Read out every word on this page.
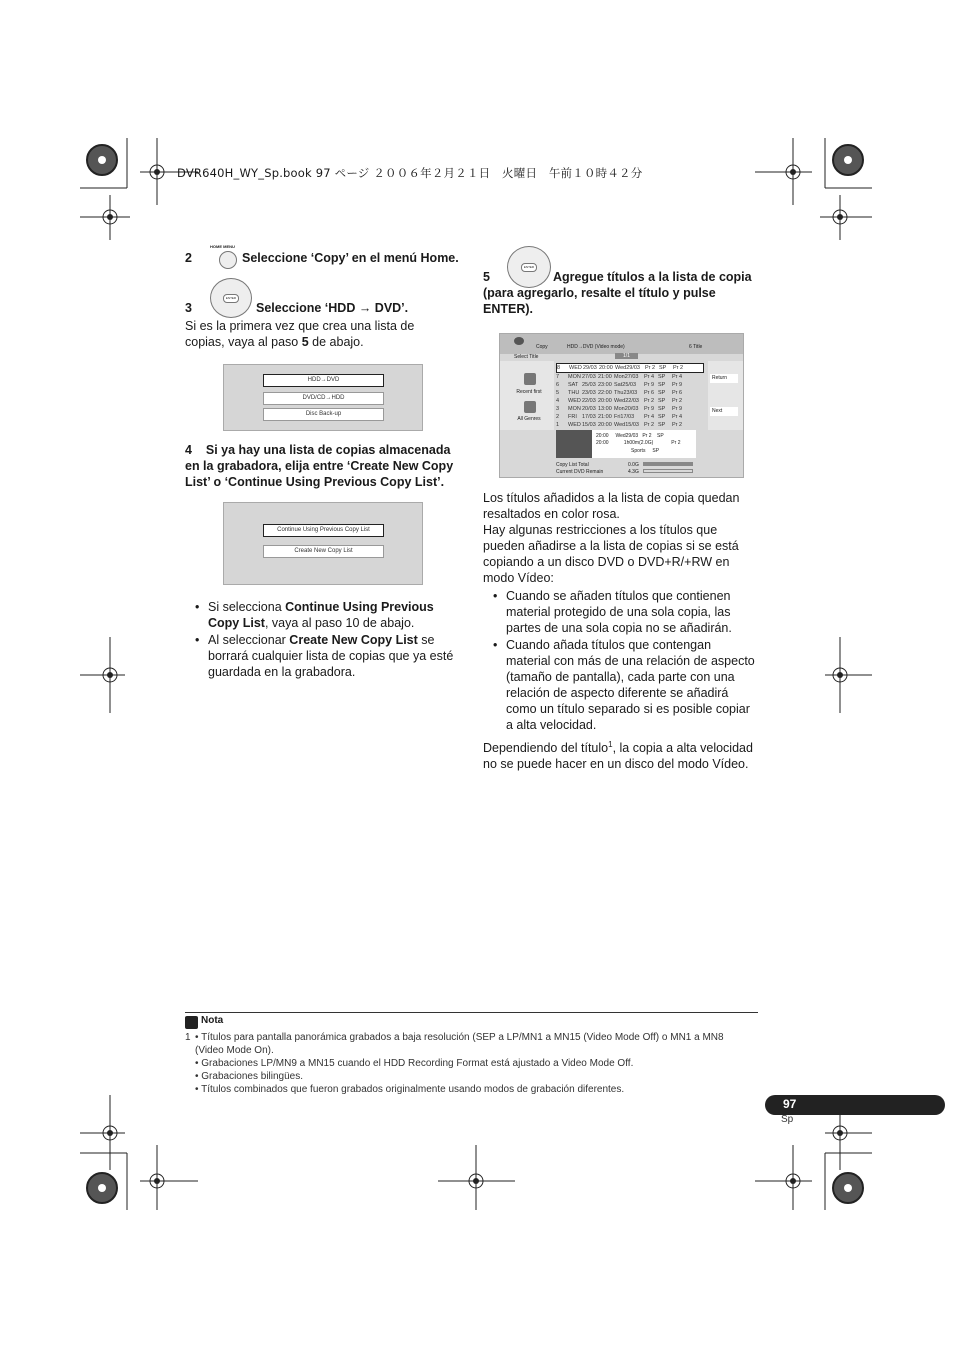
DVR640H_WY_Sp.book 97 ページ ２００６年２月２１日　火曜日　午前１０時４２分
2
HOME MENU
Seleccione ‘Copy’ en el menú Home.
3
ENTER
Seleccione ‘HDD → DVD’.
Si es la primera vez que crea una lista de copias, vaya al paso 5 de abajo.
HDD→DVD
DVD/CD→HDD
Disc Back-up
4 Si ya hay una lista de copias almacenada en la grabadora, elija entre ‘Create New Copy List’ o ‘Continue Using Previous Copy List’.
Continue Using Previous Copy List
Create New Copy List
• Si selecciona Continue Using Previous Copy List, vaya al paso 10 de abajo.
• Al seleccionar Create New Copy List se borrará cualquier lista de copias que ya esté guardada en la grabadora.
ENTER
5	Agregue títulos a la lista de copia (para agregarlo, resalte el título y pulse ENTER).
Copy	HDD→DVD (Video mode)	6 Title
Select Title	1/1
Recent first
All Genres
8 WED29/03 20:00 Wed29/03 Pr 2 SP Pr 2
7 MON27/03 21:00 Mon27/03 Pr 4 SP Pr 4
6 SAT 25/03 23:00 Sat25/03 Pr 9 SP Pr 9
5 THU 23/03 22:00 Thu23/03 Pr 6 SP Pr 6
4 WED22/03 20:00 Wed22/03 Pr 2 SP Pr 2
3 MON20/03 13:00 Mon20/03 Pr 9 SP Pr 9
2 FRI 17/03 21:00 Fri17/03 Pr 4 SP Pr 4
1 WED15/03 20:00 Wed15/03 Pr 2 SP Pr 2
Return
Next
20:00     Wed29/03   Pr 2    SP
20:00           1h00m(2.0G)             Pr 2
Sports     SP
Copy List Total	0.0G
Current DVD Remain	4.3G
Los títulos añadidos a la lista de copia quedan resaltados en color rosa.
Hay algunas restricciones a los títulos que pueden añadirse a la lista de copias si se está copiando a un disco DVD o DVD+R/+RW en modo Vídeo:
• Cuando se añaden títulos que contienen material protegido de una sola copia, las partes de una sola copia no se añadirán.
• Cuando añada títulos que contengan material con más de una relación de aspecto (tamaño de pantalla), cada parte con una relación de aspecto diferente se añadirá como un título separado si es posible copiar a alta velocidad.
Dependiendo del título$^1$, la copia a alta velocidad no se puede hacer en un disco del modo Vídeo.
Nota
1 • Títulos para pantalla panorámica grabados a baja resolución (SEP a LP/MN1 a MN15 (Video Mode Off) o MN1 a MN8 (Video Mode On).
• Grabaciones LP/MN9 a MN15 cuando el HDD Recording Format está ajustado a Video Mode Off.
• Grabaciones bilingües.
• Títulos combinados que fueron grabados originalmente usando modos de grabación diferentes.
97
Sp
